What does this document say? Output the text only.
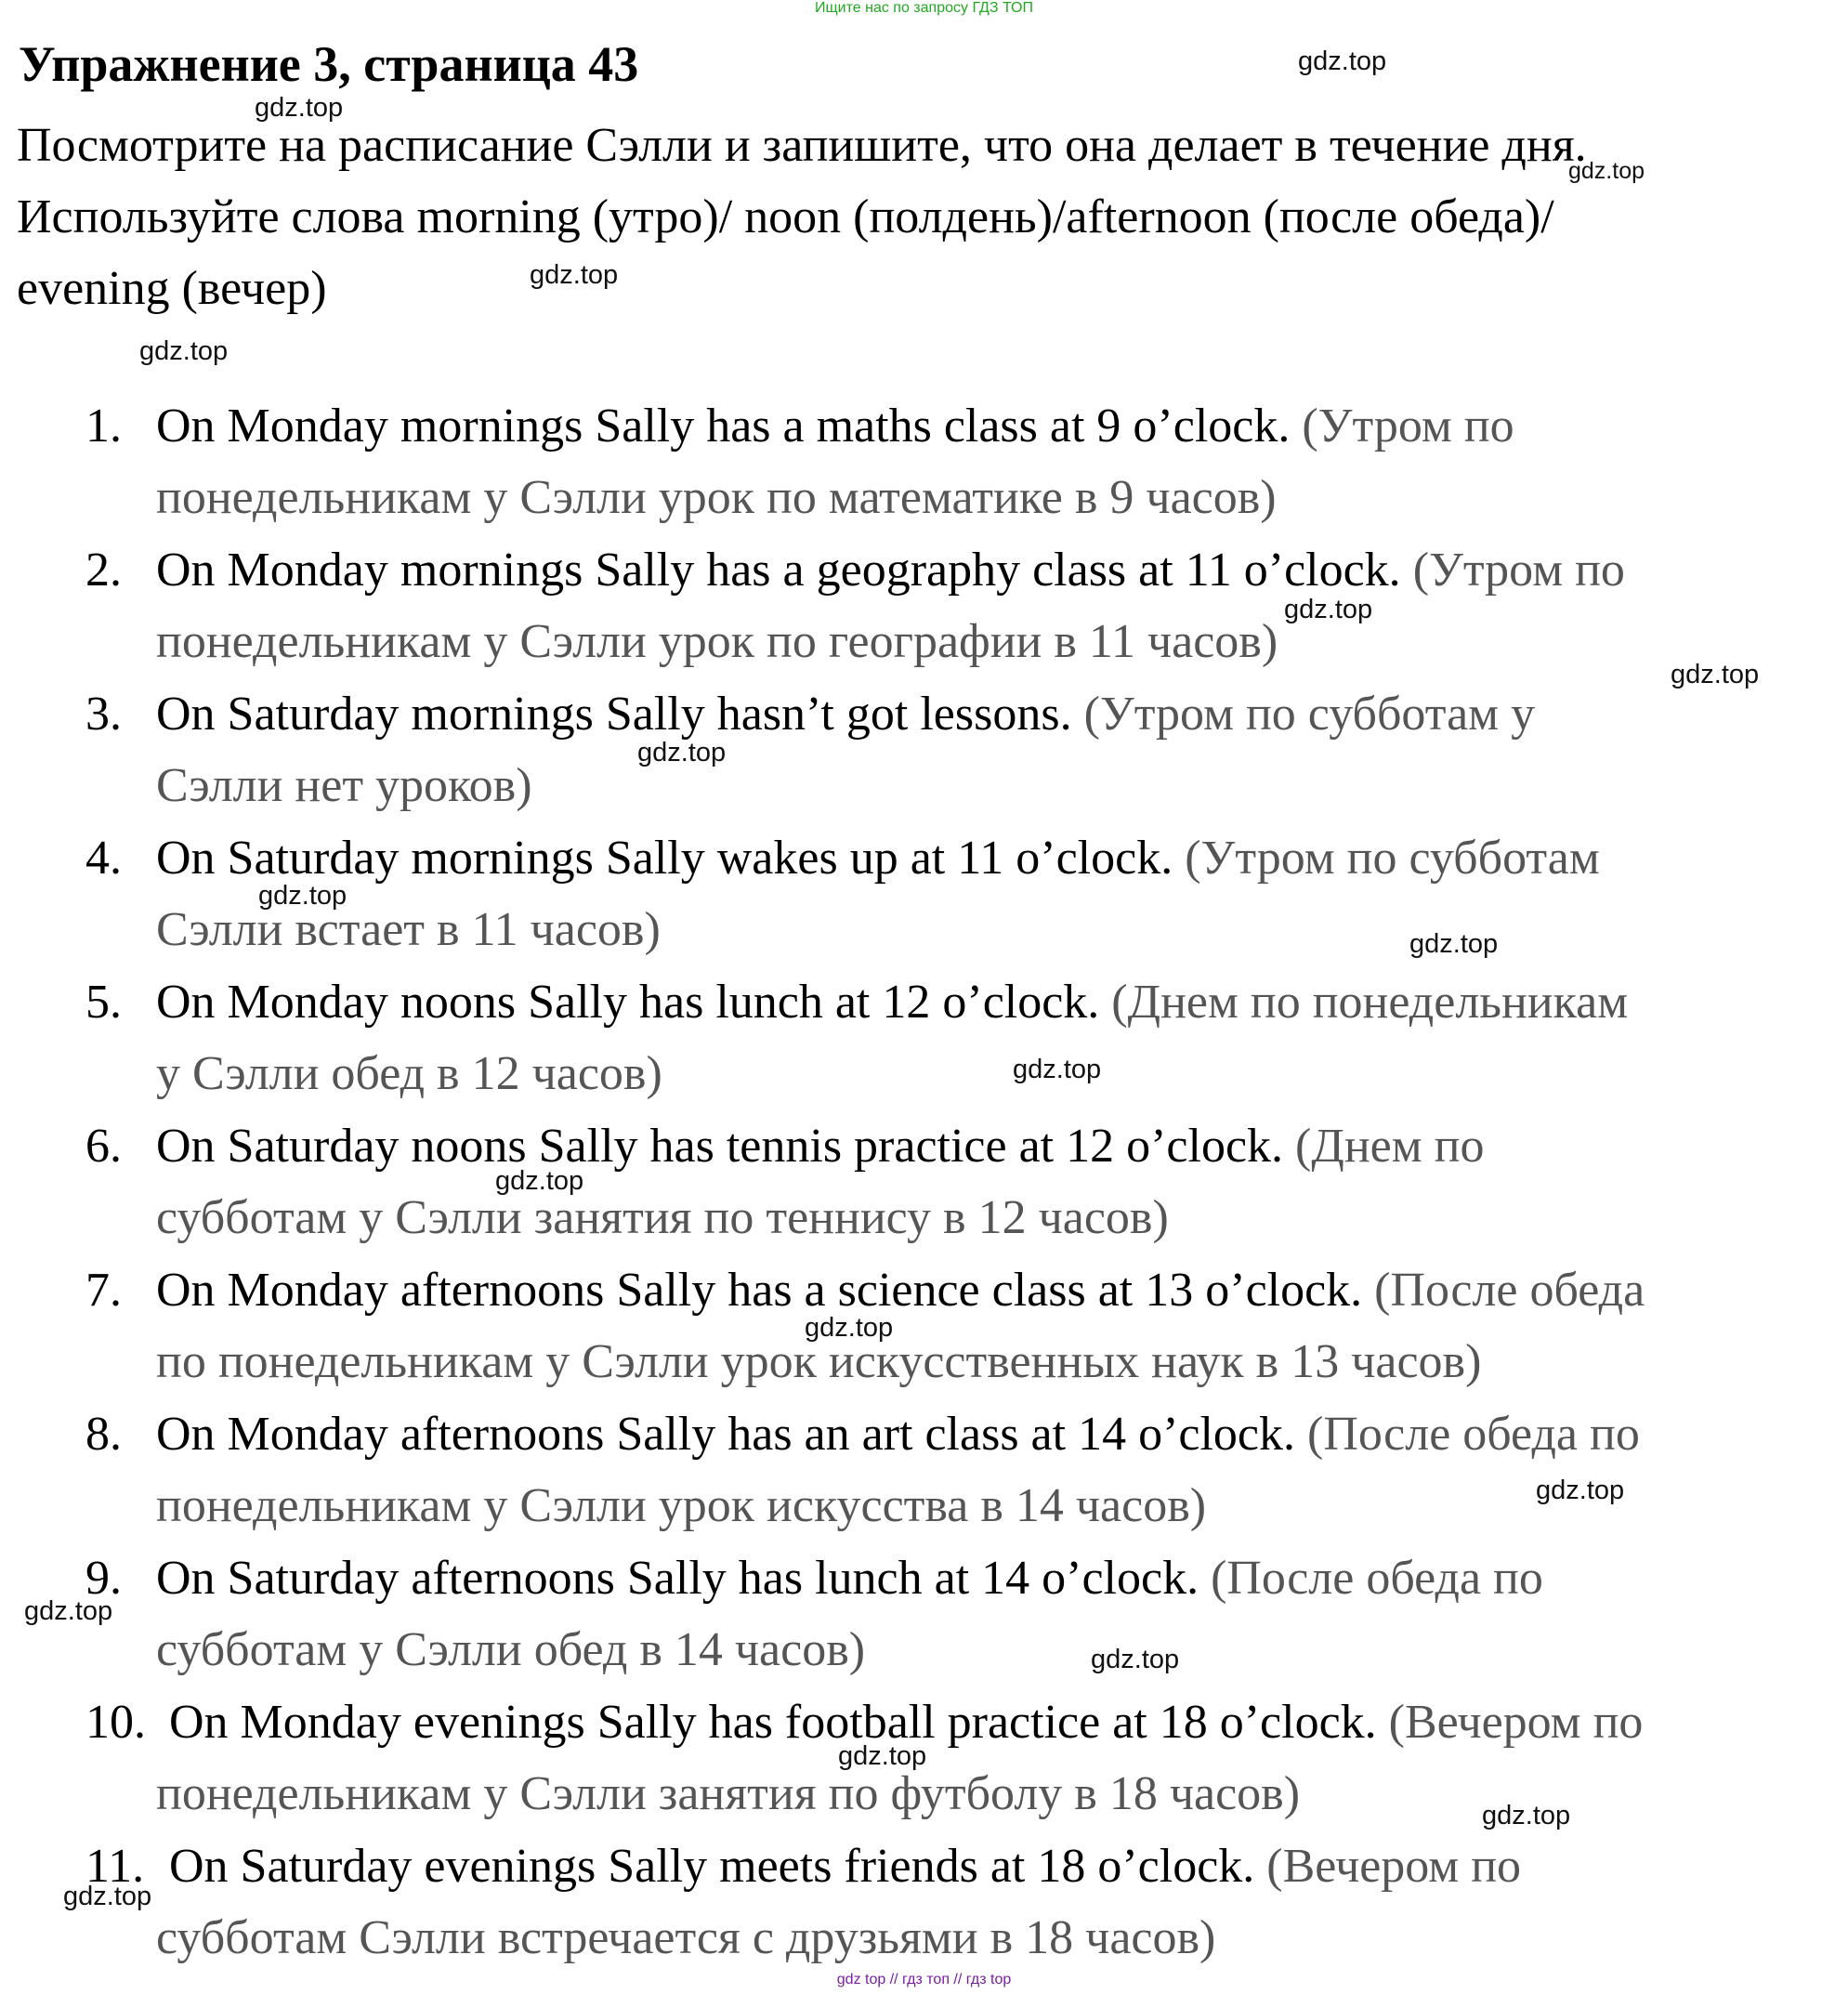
Ищите нас по запросу ГДЗ ТОП
Упражнение 3, страница 43

Посмотрите на расписание Сэлли и запишите, что она делает в течение дня.
Используйте слова morning (утро)/ noon (полдень)/afternoon (после обеда)/
evening (вечер)

1. On Monday mornings Sally has a maths class at 9 o’clock. (Утром по
понедельникам у Сэлли урок по математике в 9 часов)
2. On Monday mornings Sally has a geography class at 11 o’clock. (Утром по
понедельникам у Сэлли урок по географии в 11 часов)
3. On Saturday mornings Sally hasn’t got lessons. (Утром по субботам у
Сэлли нет уроков)
4. On Saturday mornings Sally wakes up at 11 o’clock. (Утром по субботам
Сэлли встает в 11 часов)
5. On Monday noons Sally has lunch at 12 o’clock. (Днем по понедельникам
у Сэлли обед в 12 часов)
6. On Saturday noons Sally has tennis practice at 12 o’clock. (Днем по
субботам у Сэлли занятия по теннису в 12 часов)
7. On Monday afternoons Sally has a science class at 13 o’clock. (После обеда
по понедельникам у Сэлли урок искусственных наук в 13 часов)
8. On Monday afternoons Sally has an art class at 14 o’clock. (После обеда по
понедельникам у Сэлли урок искусства в 14 часов)
9. On Saturday afternoons Sally has lunch at 14 o’clock. (После обеда по
субботам у Сэлли обед в 14 часов)
10. On Monday evenings Sally has football practice at 18 o’clock. (Вечером по
понедельникам у Сэлли занятия по футболу в 18 часов)
11. On Saturday evenings Sally meets friends at 18 o’clock. (Вечером по
субботам Сэлли встречается с друзьями в 18 часов)
gdz.top
gdz.top
gdz.top
gdz.top
gdz.top
gdz.top
gdz.top
gdz.top
gdz.top
gdz.top
gdz.top
gdz.top
gdz.top
gdz.top
gdz.top
gdz.top
gdz.top
gdz.top
gdz.top
gdz top // гдз топ // гдз top
